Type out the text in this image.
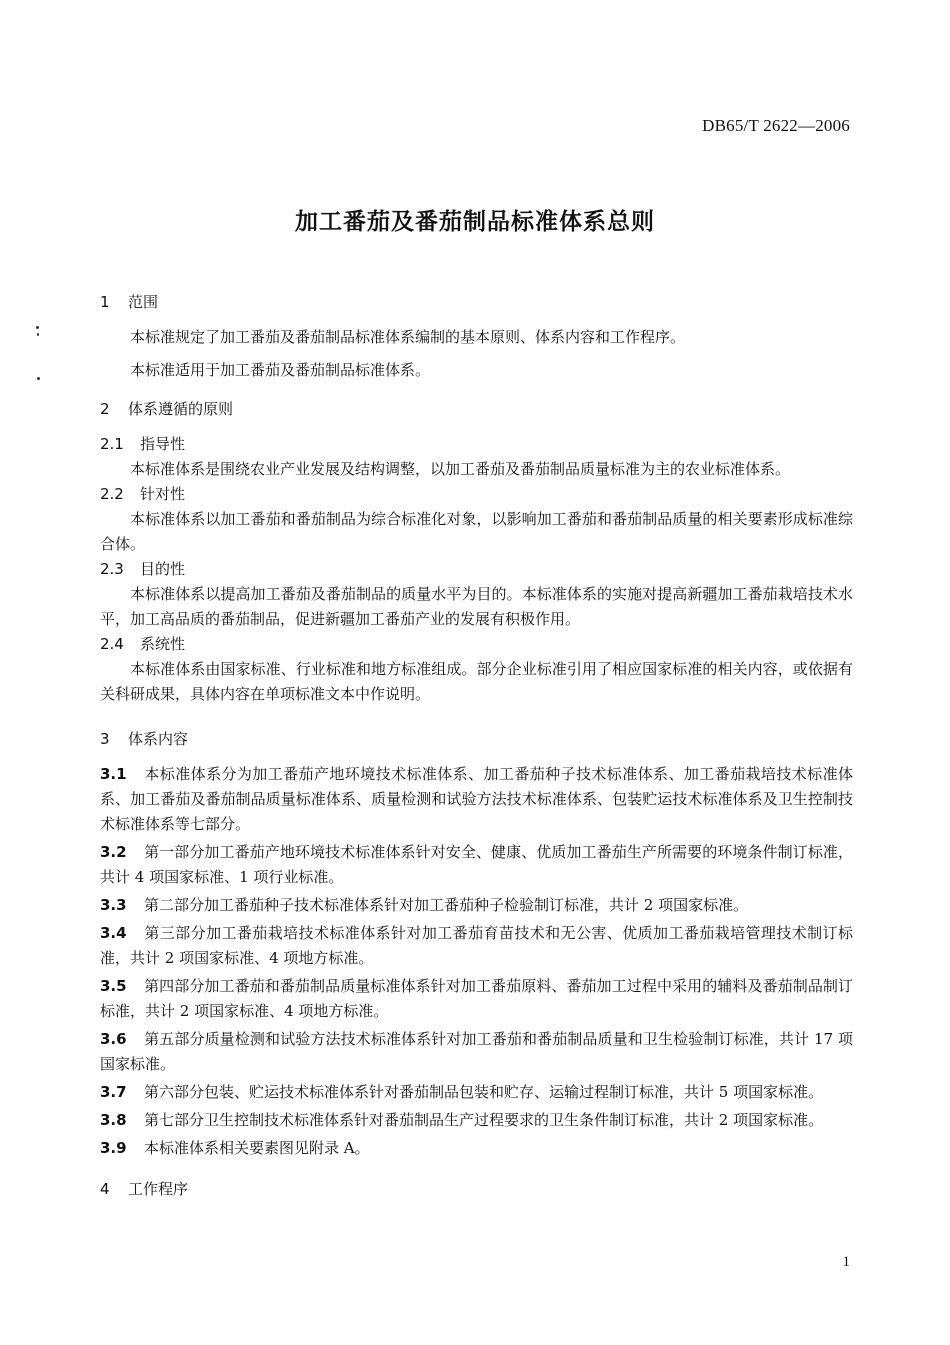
DB65/T 2622—2006
加工番茄及番茄制品标准体系总则
1 范围
本标准规定了加工番茄及番茄制品标准体系编制的基本原则、体系内容和工作程序。
本标准适用于加工番茄及番茄制品标准体系。
2 体系遵循的原则
2.1 指导性
本标准体系是围绕农业产业发展及结构调整，以加工番茄及番茄制品质量标准为主的农业标准体系。
2.2 针对性
本标准体系以加工番茄和番茄制品为综合标准化对象，以影响加工番茄和番茄制品质量的相关要素形成标准综合体。
2.3 目的性
本标准体系以提高加工番茄及番茄制品的质量水平为目的。本标准体系的实施对提高新疆加工番茄栽培技术水平，加工高品质的番茄制品，促进新疆加工番茄产业的发展有积极作用。
2.4 系统性
本标准体系由国家标准、行业标准和地方标准组成。部分企业标准引用了相应国家标准的相关内容，或依据有关科研成果，具体内容在单项标准文本中作说明。
3 体系内容
3.1 本标准体系分为加工番茄产地环境技术标准体系、加工番茄种子技术标准体系、加工番茄栽培技术标准体系、加工番茄及番茄制品质量标准体系、质量检测和试验方法技术标准体系、包装贮运技术标准体系及卫生控制技术标准体系等七部分。
3.2 第一部分加工番茄产地环境技术标准体系针对安全、健康、优质加工番茄生产所需要的环境条件制订标准，共计 4 项国家标准、1 项行业标准。
3.3 第二部分加工番茄种子技术标准体系针对加工番茄种子检验制订标准，共计 2 项国家标准。
3.4 第三部分加工番茄栽培技术标准体系针对加工番茄育苗技术和无公害、优质加工番茄栽培管理技术制订标准，共计 2 项国家标准、4 项地方标准。
3.5 第四部分加工番茄和番茄制品质量标准体系针对加工番茄原料、番茄加工过程中采用的辅料及番茄制品制订标准，共计 2 项国家标准、4 项地方标准。
3.6 第五部分质量检测和试验方法技术标准体系针对加工番茄和番茄制品质量和卫生检验制订标准，共计 17 项国家标准。
3.7 第六部分包装、贮运技术标准体系针对番茄制品包装和贮存、运输过程制订标准，共计 5 项国家标准。
3.8 第七部分卫生控制技术标准体系针对番茄制品生产过程要求的卫生条件制订标准，共计 2 项国家标准。
3.9 本标准体系相关要素图见附录 A。
4 工作程序
1
